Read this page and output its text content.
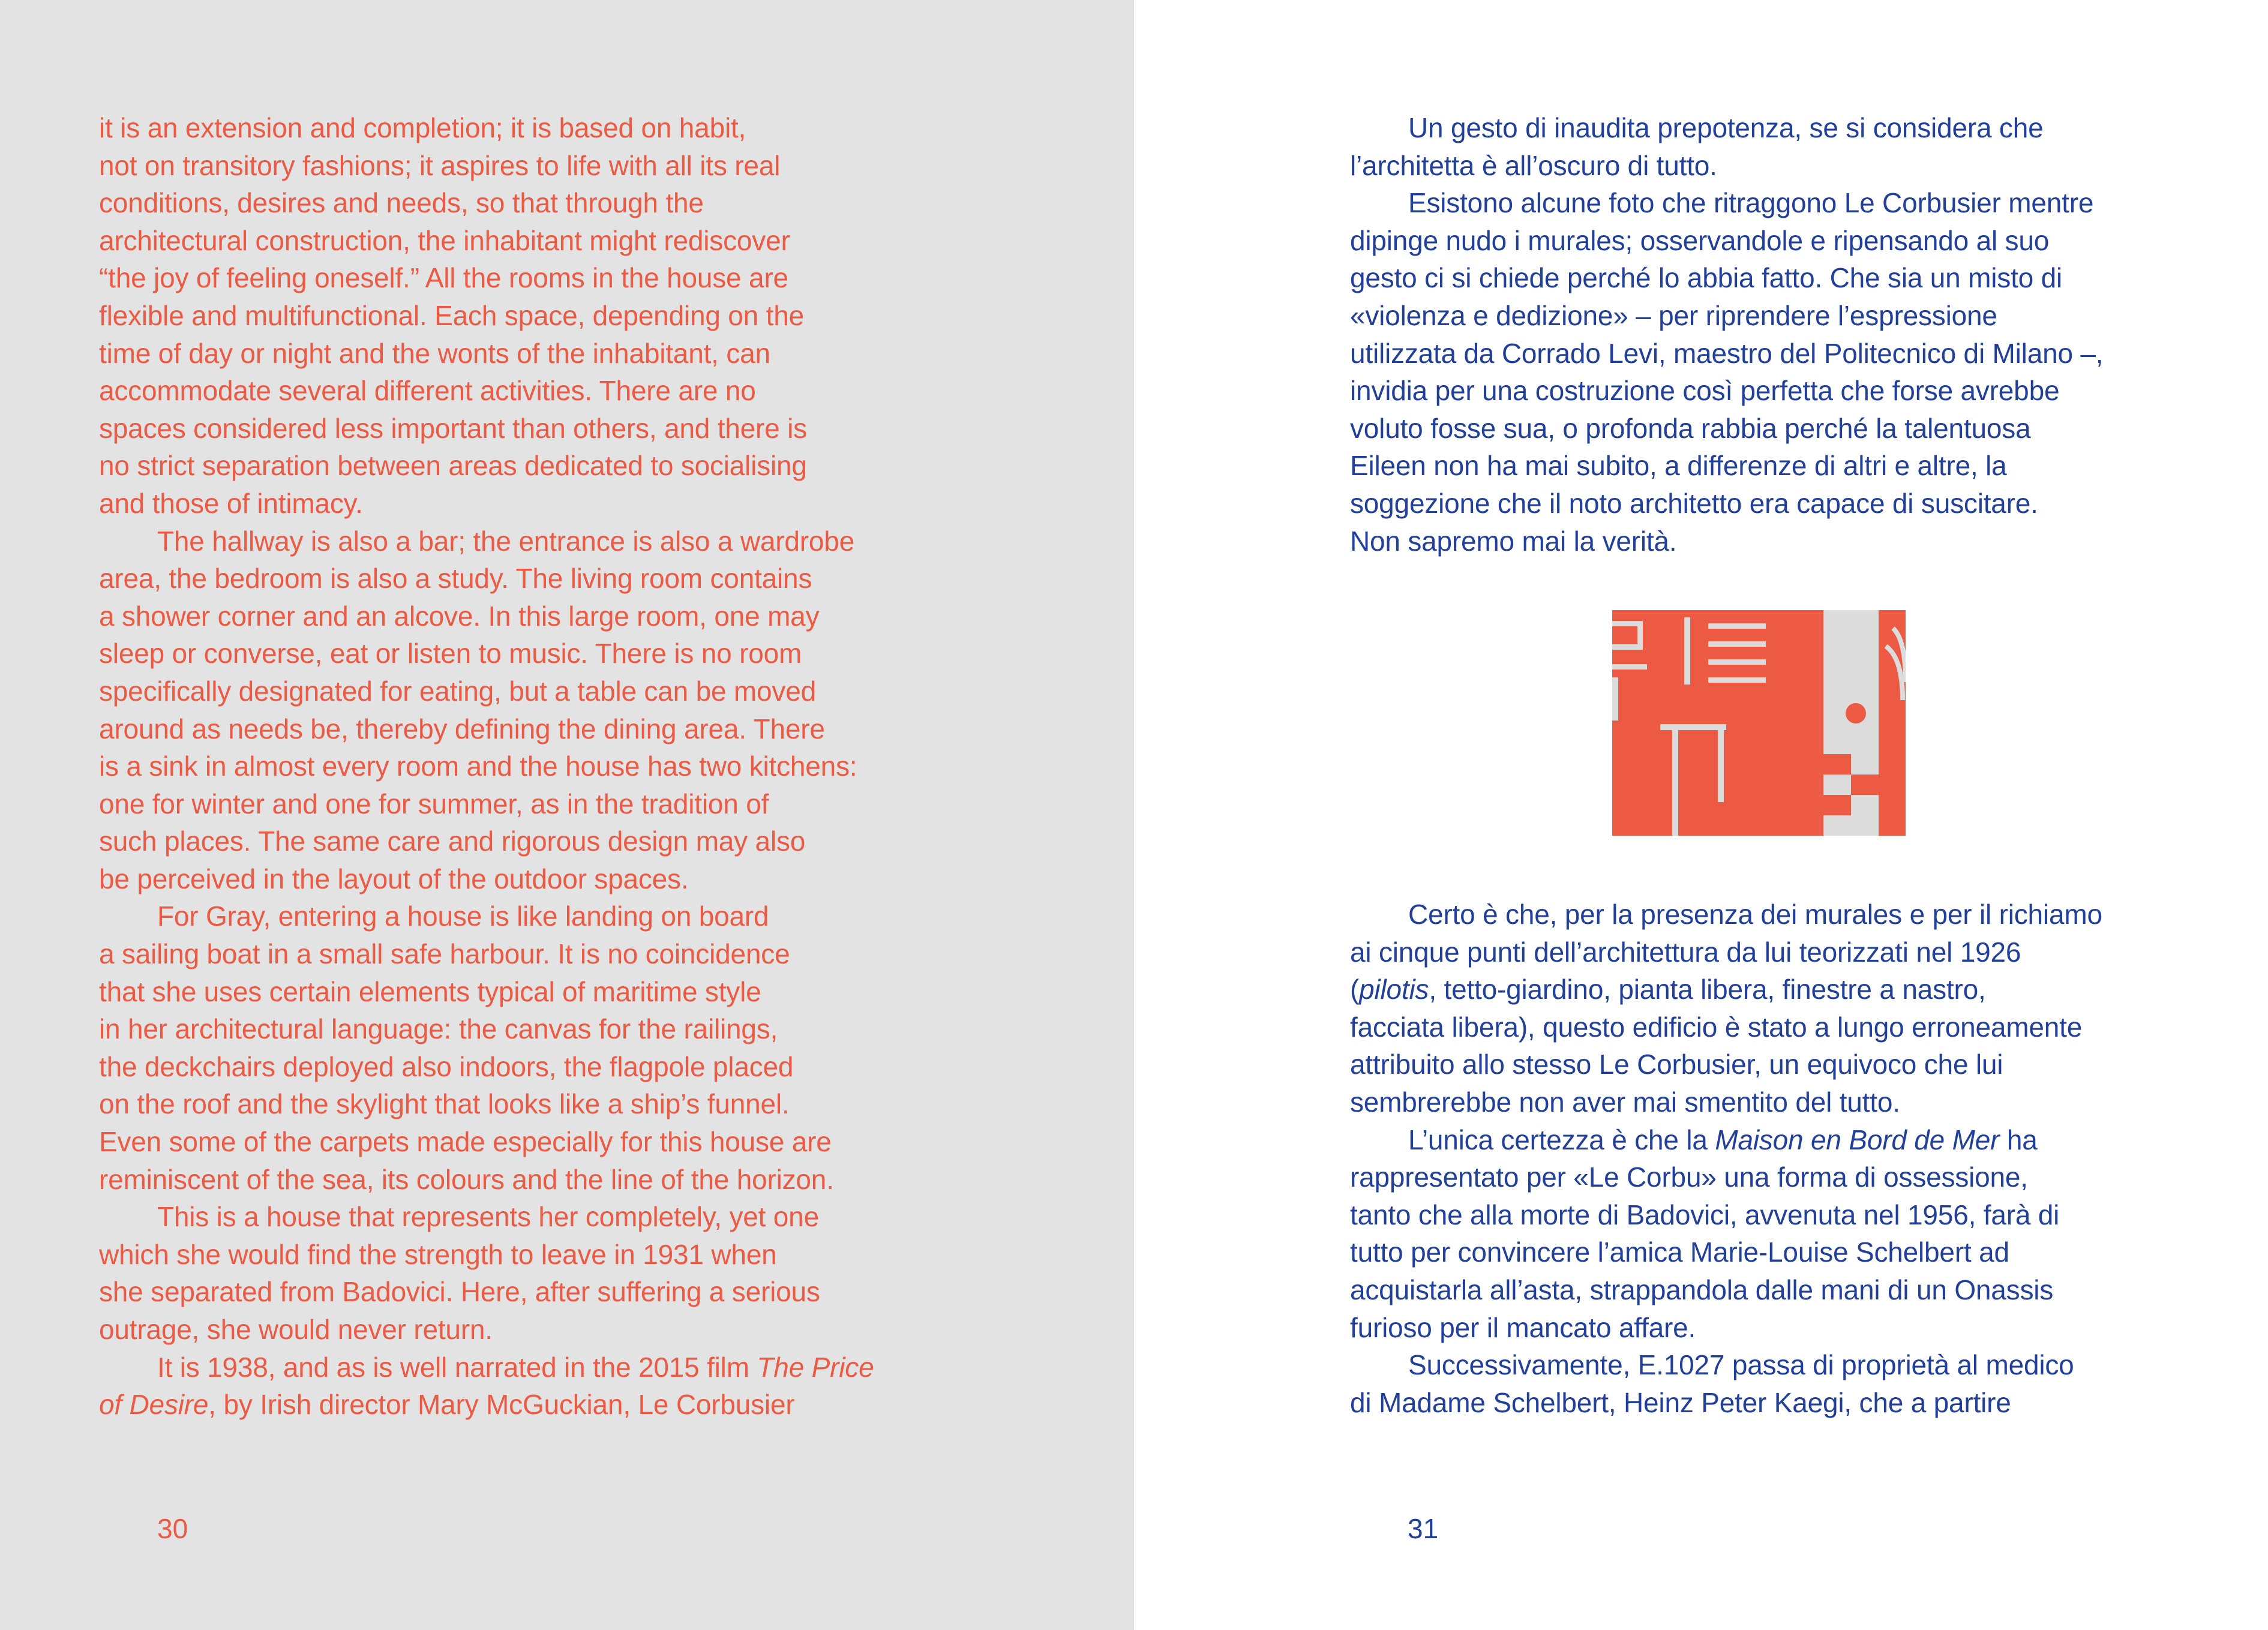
it is an extension and completion; it is based on habit,
not on transitory fashions; it aspires to life with all its real
conditions, desires and needs, so that through the
architectural construction, the inhabitant might rediscover
“the joy of feeling oneself.” All the rooms in the house are
flexible and multifunctional. Each space, depending on the
time of day or night and the wonts of the inhabitant, can
accommodate several different activities. There are no
spaces considered less important than others, and there is
no strict separation between areas dedicated to socialising
and those of intimacy.

The hallway is also a bar; the entrance is also a wardrobe
area, the bedroom is also a study. The living room contains
a shower corner and an alcove. In this large room, one may
sleep or converse, eat or listen to music. There is no room
specifically designated for eating, but a table can be moved
around as needs be, thereby defining the dining area. There
is a sink in almost every room and the house has two kitchens:
one for winter and one for summer, as in the tradition of
such places. The same care and rigorous design may also
be perceived in the layout of the outdoor spaces.

For Gray, entering a house is like landing on board
a sailing boat in a small safe harbour. It is no coincidence
that she uses certain elements typical of maritime style
in her architectural language: the canvas for the railings,
the deckchairs deployed also indoors, the flagpole placed
on the roof and the skylight that looks like a ship’s funnel.
Even some of the carpets made especially for this house are
reminiscent of the sea, its colours and the line of the horizon.

This is a house that represents her completely, yet one
which she would find the strength to leave in 1931 when
she separated from Badovici. Here, after suffering a serious
outrage, she would never return.

It is 1938, and as is well narrated in the 2015 film The Price
of Desire, by Irish director Mary McGuckian, Le Corbusier

30

Un gesto di inaudita prepotenza, se si considera che
l’architetta è all’oscuro di tutto.

Esistono alcune foto che ritraggono Le Corbusier mentre
dipinge nudo i murales; osservandole e ripensando al suo
gesto ci si chiede perché lo abbia fatto. Che sia un misto di
«violenza e dedizione» – per riprendere l’espressione
utilizzata da Corrado Levi, maestro del Politecnico di Milano –,
invidia per una costruzione così perfetta che forse avrebbe
voluto fosse sua, o profonda rabbia perché la talentuosa
Eileen non ha mai subito, a differenze di altri e altre, la
soggezione che il noto architetto era capace di suscitare.
Non sapremo mai la verità.

Certo è che, per la presenza dei murales e per il richiamo
ai cinque punti dell’architettura da lui teorizzati nel 1926
(pilotis, tetto-giardino, pianta libera, finestre a nastro,
facciata libera), questo edificio è stato a lungo erroneamente
attribuito allo stesso Le Corbusier, un equivoco che lui
sembrerebbe non aver mai smentito del tutto.

L’unica certezza è che la Maison en Bord de Mer ha
rappresentato per «Le Corbu» una forma di ossessione,
tanto che alla morte di Badovici, avvenuta nel 1956, farà di
tutto per convincere l’amica Marie-Louise Schelbert ad
acquistarla all’asta, strappandola dalle mani di un Onassis
furioso per il mancato affare.

Successivamente, E.1027 passa di proprietà al medico
di Madame Schelbert, Heinz Peter Kaegi, che a partire

31
